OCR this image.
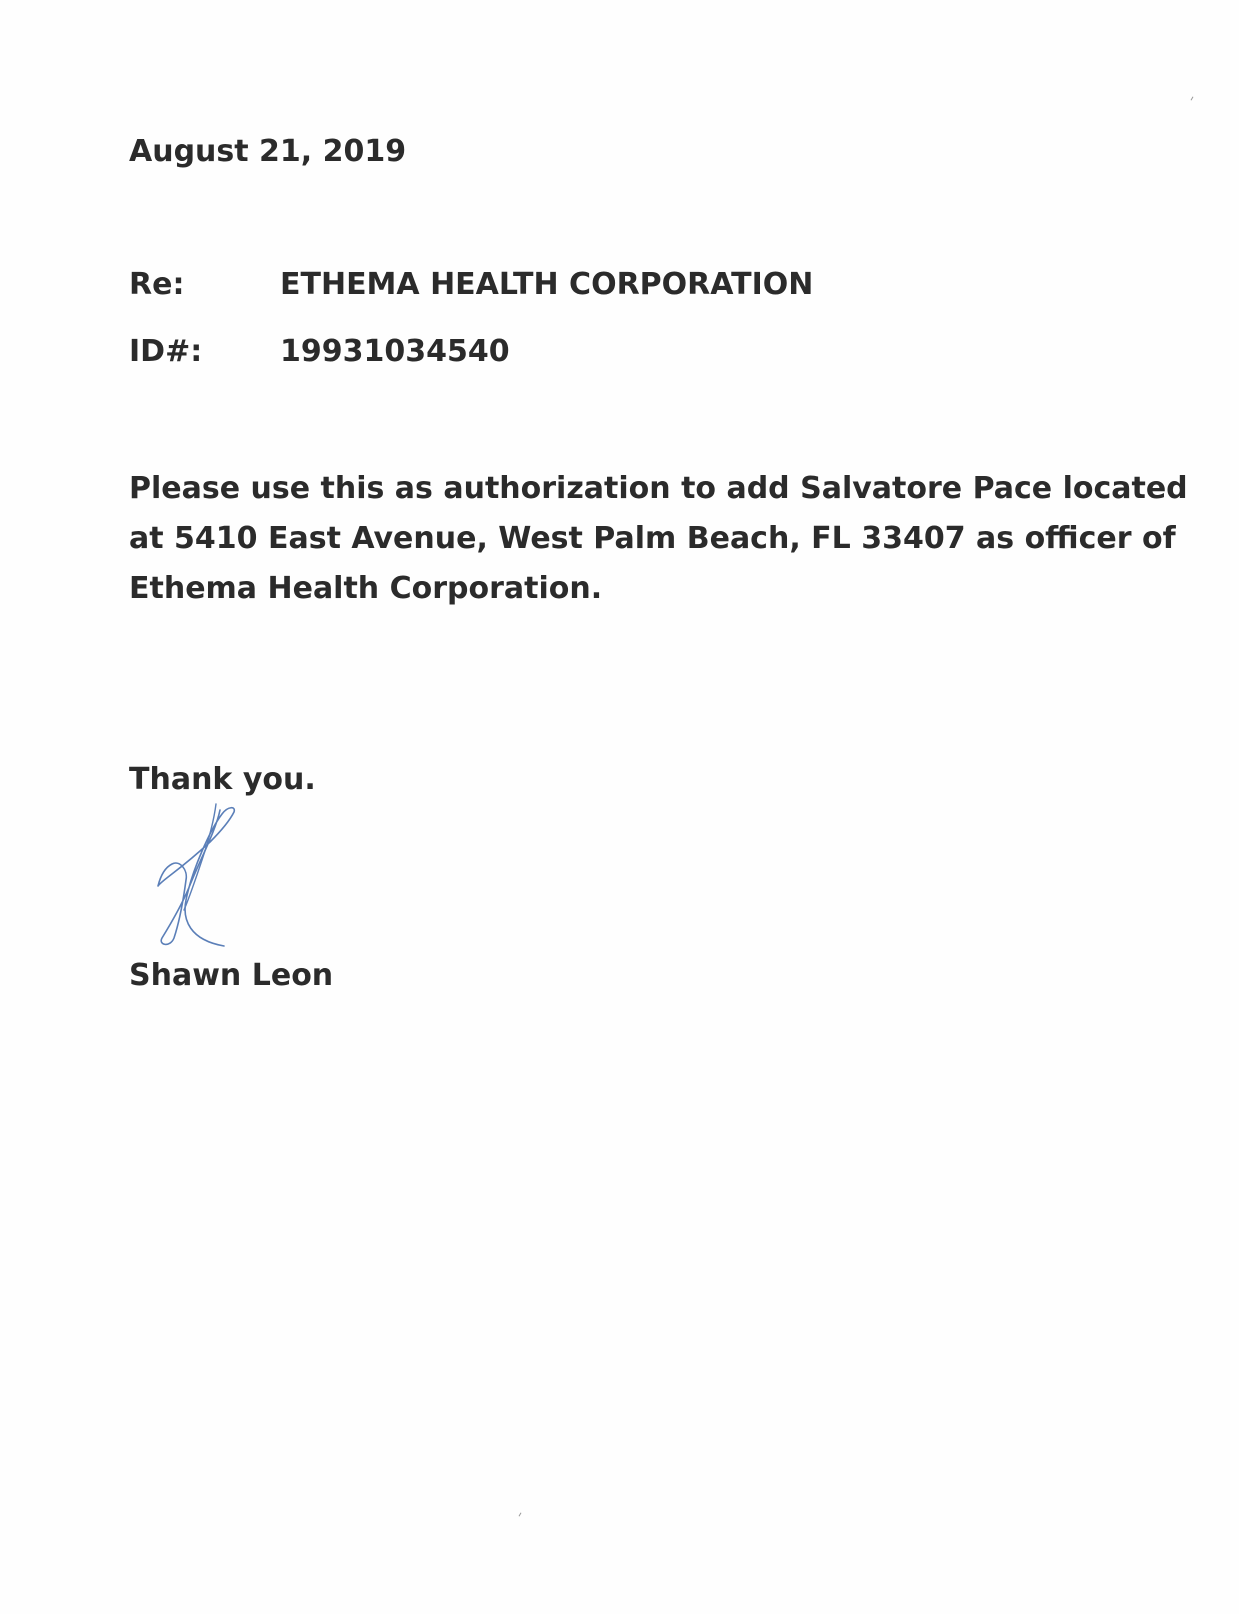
August 21, 2019
Re:	ETHEMA HEALTH CORPORATION
ID#:	19931034540
Please use this as authorization to add Salvatore Pace located
at 5410 East Avenue, West Palm Beach, FL 33407 as officer of
Ethema Health Corporation.
Thank you.
Shawn Leon
